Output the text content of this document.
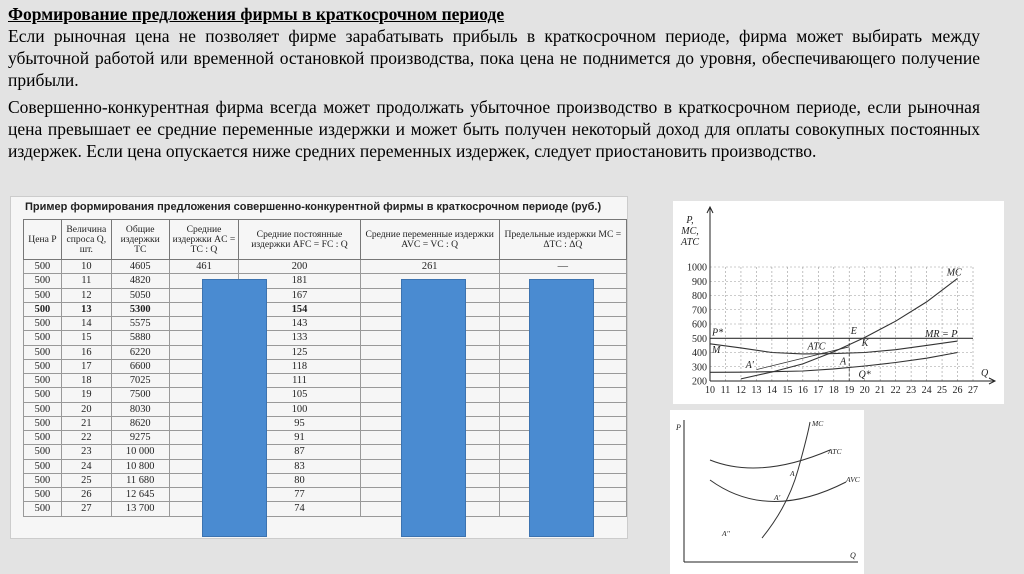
Формирование предложения фирмы в краткосрочном периоде
Если рыночная цена не позволяет фирме зарабатывать прибыль в краткосрочном периоде, фирма может выбирать между убыточной работой или временной остановкой производства, пока цена не поднимется до уровня, обеспечивающего получение прибыли.
Совершенно-конкурентная фирма всегда может продолжать убыточное производство в краткосрочном периоде, если рыночная цена превышает ее средние переменные издержки и может быть получен некоторый доход для оплаты совокупных постоянных издержек. Если цена опускается ниже средних переменных издержек, следует приостановить производство.
Пример формирования предложения совершенно-конкурентной фирмы в краткосрочном периоде (руб.)
Цена P	Величина спроса Q, шт.	Общие издержки TC	Средние издержки AC = TC : Q	Средние постоянные издержки AFC = FC : Q	Средние переменные издержки AVC = VC : Q	Предельные издержки MC = ΔTC : ΔQ
500	10	4605	461	200	261	—
500	11	4820		181		
500	12	5050		167		
500	13	5300		154		
500	14	5575		143		
500	15	5880		133		
500	16	6220		125		
500	17	6600		118		
500	18	7025		111		
500	19	7500		105		
500	20	8030		100		
500	21	8620		95		
500	22	9275		91		
500	23	10 000		87		
500	24	10 800		83		
500	25	11 680		80		
500	26	12 645		77		
500	27	13 700		74		
10 11 12 13 14 15 16 17 18 19 20 21 22 23 24 25 26 27
1000
900
800
700
600
500
400
300
200
P,
MC,
ATC
Q
MC
ATC
MR = P
P*
M
E
K
A
A'
Q*
P
Q
MC
ATC
AVC
A
A'
A''
